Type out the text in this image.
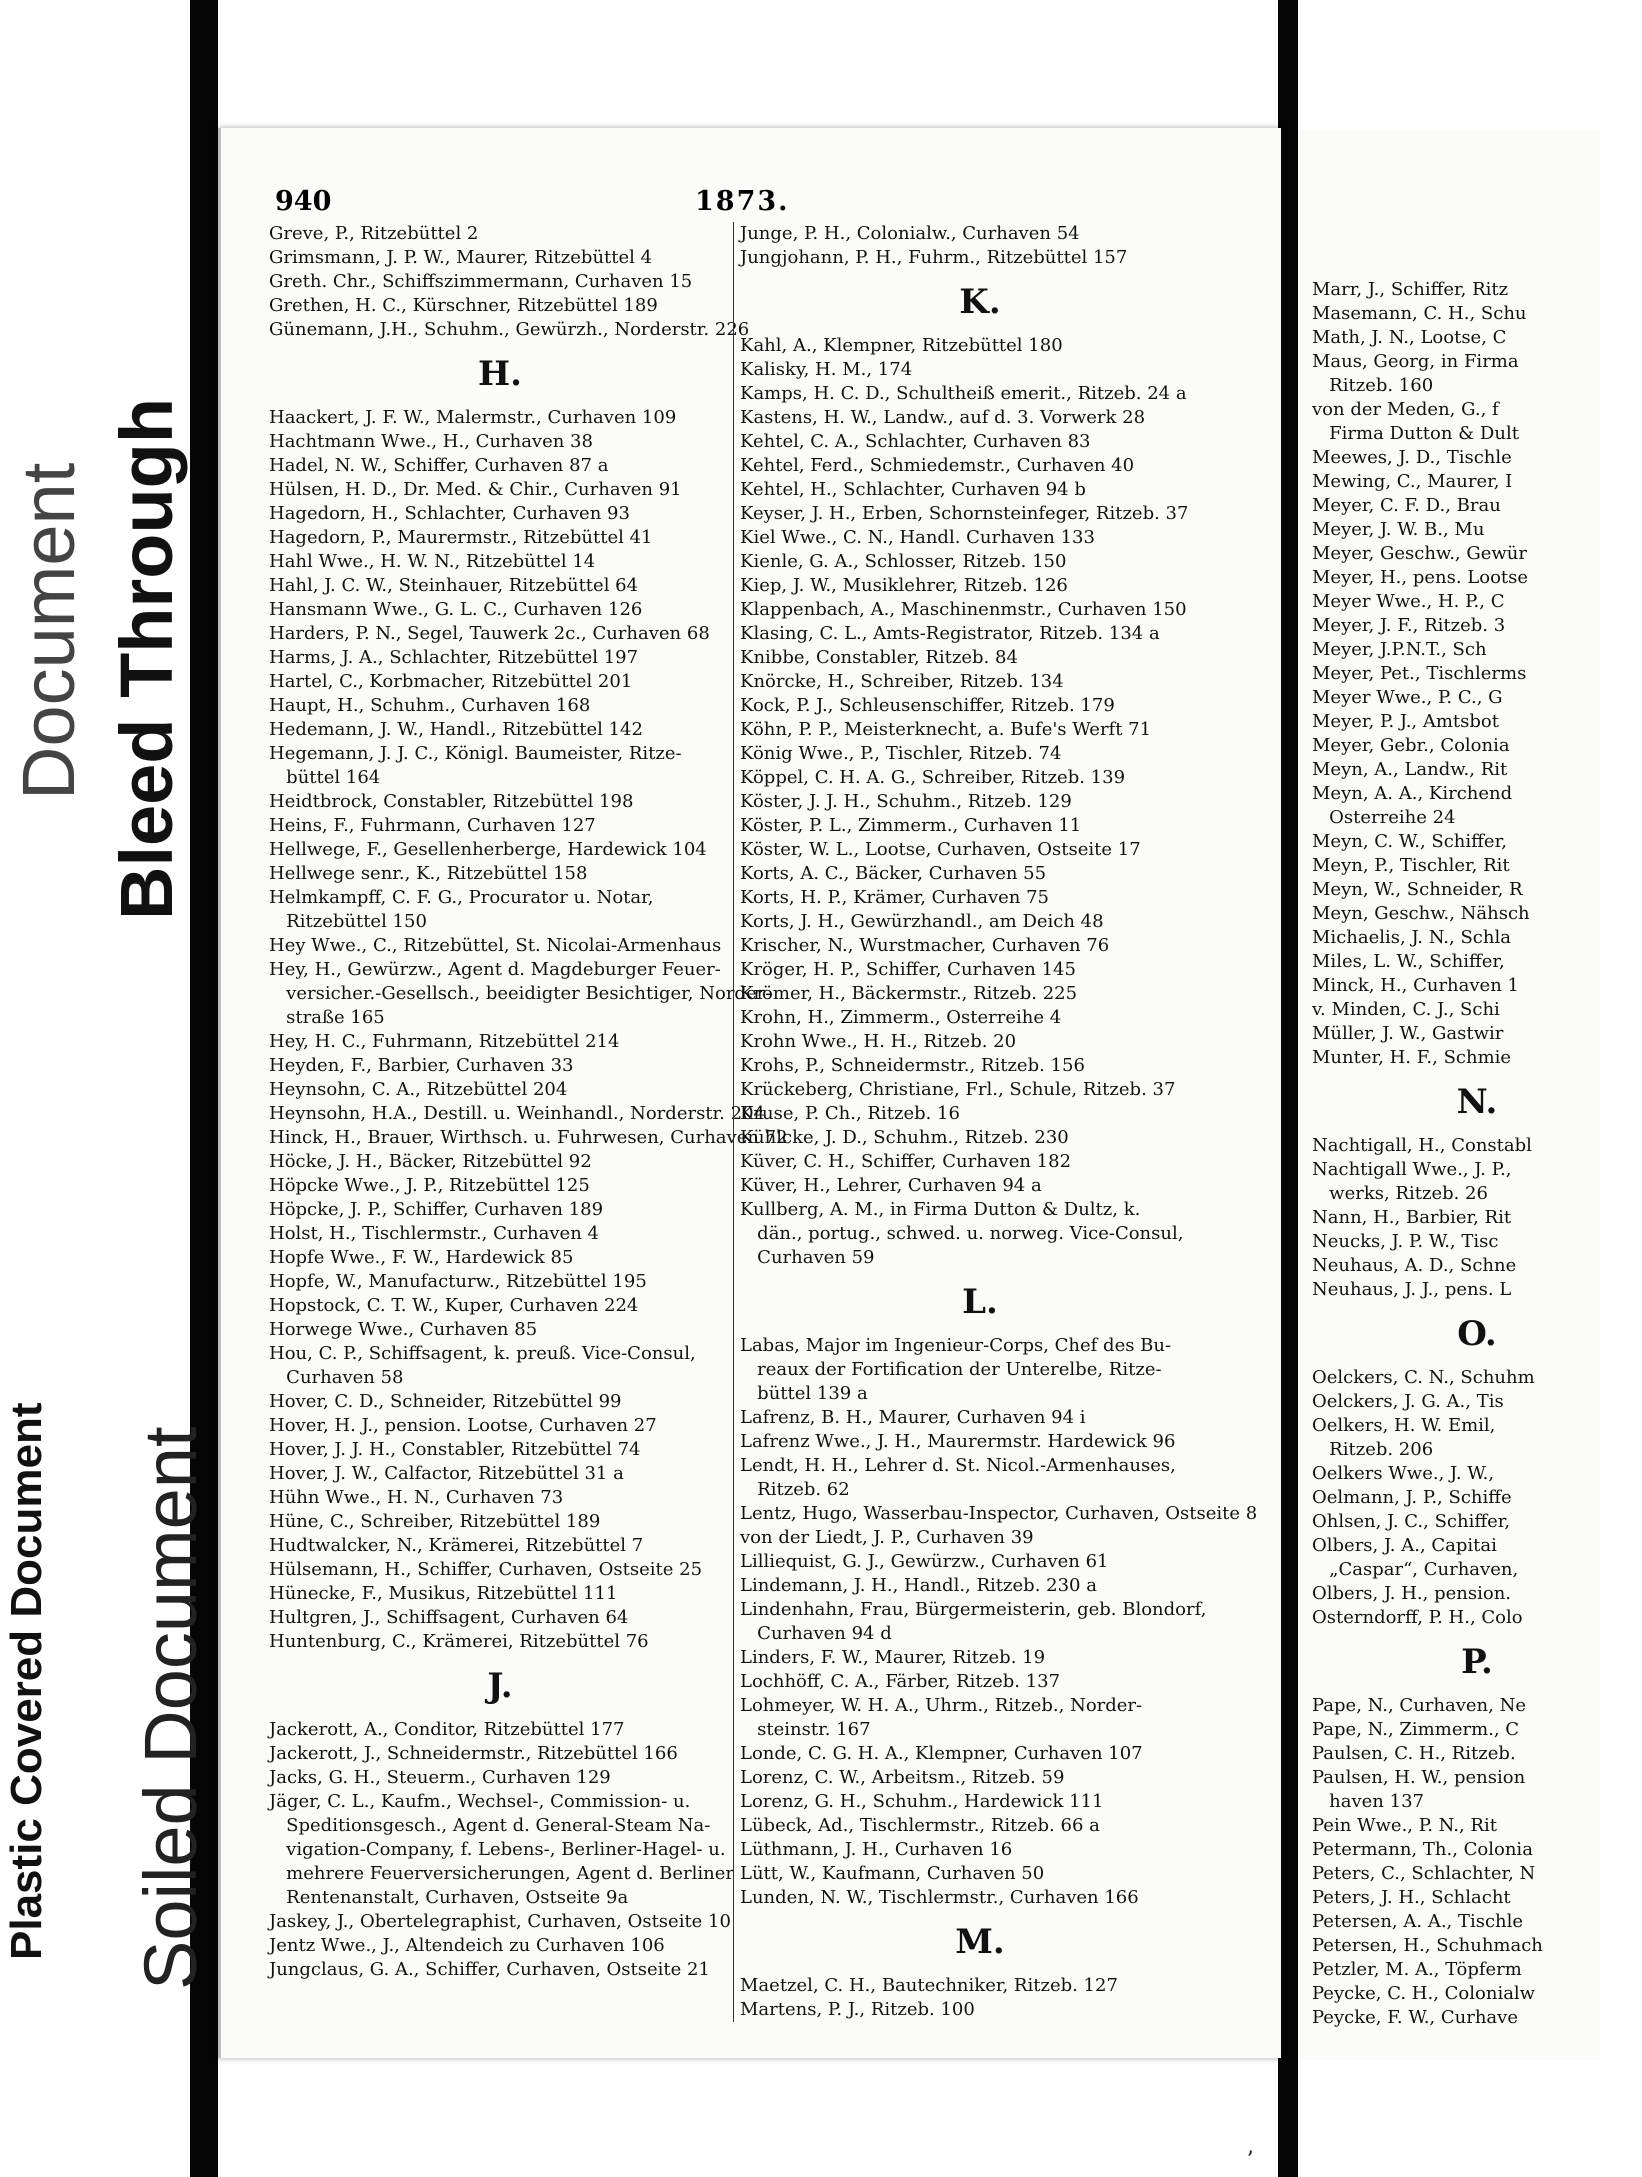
Document Bleed Through
Plastic Covered Document Soiled Document
940	1873.
Greve, P., Ritzebüttel 2
Grimsmann, J. P. W., Maurer, Ritzebüttel 4
Greth. Chr., Schiffszimmermann, Curhaven 15
Grethen, H. C., Kürschner, Ritzebüttel 189
Günemann, J.H., Schuhm., Gewürzh., Norderstr. 226
H.
Haackert, J. F. W., Malermstr., Curhaven 109
Hachtmann Wwe., H., Curhaven 38
Hadel, N. W., Schiffer, Curhaven 87 a
Hülsen, H. D., Dr. Med. & Chir., Curhaven 91
Hagedorn, H., Schlachter, Curhaven 93
Hagedorn, P., Maurermstr., Ritzebüttel 41
Hahl Wwe., H. W. N., Ritzebüttel 14
Hahl, J. C. W., Steinhauer, Ritzebüttel 64
Hansmann Wwe., G. L. C., Curhaven 126
Harders, P. N., Segel, Tauwerk 2c., Curhaven 68
Harms, J. A., Schlachter, Ritzebüttel 197
Hartel, C., Korbmacher, Ritzebüttel 201
Haupt, H., Schuhm., Curhaven 168
Hedemann, J. W., Handl., Ritzebüttel 142
Hegemann, J. J. C., Königl. Baumeister, Ritze-
büttel 164
Heidtbrock, Constabler, Ritzebüttel 198
Heins, F., Fuhrmann, Curhaven 127
Hellwege, F., Gesellenherberge, Hardewick 104
Hellwege senr., K., Ritzebüttel 158
Helmkampff, C. F. G., Procurator u. Notar,
Ritzebüttel 150
Hey Wwe., C., Ritzebüttel, St. Nicolai-Armenhaus
Hey, H., Gewürzw., Agent d. Magdeburger Feuer-
versicher.-Gesellsch., beeidigter Besichtiger, Norder-
straße 165
Hey, H. C., Fuhrmann, Ritzebüttel 214
Heyden, F., Barbier, Curhaven 33
Heynsohn, C. A., Ritzebüttel 204
Heynsohn, H.A., Destill. u. Weinhandl., Norderstr. 204
Hinck, H., Brauer, Wirthsch. u. Fuhrwesen, Curhaven 72
Höcke, J. H., Bäcker, Ritzebüttel 92
Höpcke Wwe., J. P., Ritzebüttel 125
Höpcke, J. P., Schiffer, Curhaven 189
Holst, H., Tischlermstr., Curhaven 4
Hopfe Wwe., F. W., Hardewick 85
Hopfe, W., Manufacturw., Ritzebüttel 195
Hopstock, C. T. W., Kuper, Curhaven 224
Horwege Wwe., Curhaven 85
Hou, C. P., Schiffsagent, k. preuß. Vice-Consul,
Curhaven 58
Hover, C. D., Schneider, Ritzebüttel 99
Hover, H. J., pension. Lootse, Curhaven 27
Hover, J. J. H., Constabler, Ritzebüttel 74
Hover, J. W., Calfactor, Ritzebüttel 31 a
Hühn Wwe., H. N., Curhaven 73
Hüne, C., Schreiber, Ritzebüttel 189
Hudtwalcker, N., Krämerei, Ritzebüttel 7
Hülsemann, H., Schiffer, Curhaven, Ostseite 25
Hünecke, F., Musikus, Ritzebüttel 111
Hultgren, J., Schiffsagent, Curhaven 64
Huntenburg, C., Krämerei, Ritzebüttel 76
J.
Jackerott, A., Conditor, Ritzebüttel 177
Jackerott, J., Schneidermstr., Ritzebüttel 166
Jacks, G. H., Steuerm., Curhaven 129
Jäger, C. L., Kaufm., Wechsel-, Commission- u.
Speditionsgesch., Agent d. General-Steam Na-
vigation-Company, f. Lebens-, Berliner-Hagel- u.
mehrere Feuerversicherungen, Agent d. Berliner
Rentenanstalt, Curhaven, Ostseite 9a
Jaskey, J., Obertelegraphist, Curhaven, Ostseite 10
Jentz Wwe., J., Altendeich zu Curhaven 106
Jungclaus, G. A., Schiffer, Curhaven, Ostseite 21
Junge, P. H., Colonialw., Curhaven 54
Jungjohann, P. H., Fuhrm., Ritzebüttel 157
K.
Kahl, A., Klempner, Ritzebüttel 180
Kalisky, H. M., 174
Kamps, H. C. D., Schultheiß emerit., Ritzeb. 24 a
Kastens, H. W., Landw., auf d. 3. Vorwerk 28
Kehtel, C. A., Schlachter, Curhaven 83
Kehtel, Ferd., Schmiedemstr., Curhaven 40
Kehtel, H., Schlachter, Curhaven 94 b
Keyser, J. H., Erben, Schornsteinfeger, Ritzeb. 37
Kiel Wwe., C. N., Handl. Curhaven 133
Kienle, G. A., Schlosser, Ritzeb. 150
Kiep, J. W., Musiklehrer, Ritzeb. 126
Klappenbach, A., Maschinenmstr., Curhaven 150
Klasing, C. L., Amts-Registrator, Ritzeb. 134 a
Knibbe, Constabler, Ritzeb. 84
Knörcke, H., Schreiber, Ritzeb. 134
Kock, P. J., Schleusenschiffer, Ritzeb. 179
Köhn, P. P., Meisterknecht, a. Bufe's Werft 71
König Wwe., P., Tischler, Ritzeb. 74
Köppel, C. H. A. G., Schreiber, Ritzeb. 139
Köster, J. J. H., Schuhm., Ritzeb. 129
Köster, P. L., Zimmerm., Curhaven 11
Köster, W. L., Lootse, Curhaven, Ostseite 17
Korts, A. C., Bäcker, Curhaven 55
Korts, H. P., Krämer, Curhaven 75
Korts, J. H., Gewürzhandl., am Deich 48
Krischer, N., Wurstmacher, Curhaven 76
Kröger, H. P., Schiffer, Curhaven 145
Krömer, H., Bäckermstr., Ritzeb. 225
Krohn, H., Zimmerm., Osterreihe 4
Krohn Wwe., H. H., Ritzeb. 20
Krohs, P., Schneidermstr., Ritzeb. 156
Krückeberg, Christiane, Frl., Schule, Ritzeb. 37
Kruse, P. Ch., Ritzeb. 16
Kühlcke, J. D., Schuhm., Ritzeb. 230
Küver, C. H., Schiffer, Curhaven 182
Küver, H., Lehrer, Curhaven 94 a
Kullberg, A. M., in Firma Dutton & Dultz, k.
dän., portug., schwed. u. norweg. Vice-Consul,
Curhaven 59
L.
Labas, Major im Ingenieur-Corps, Chef des Bu-
reaux der Fortification der Unterelbe, Ritze-
büttel 139 a
Lafrenz, B. H., Maurer, Curhaven 94 i
Lafrenz Wwe., J. H., Maurermstr. Hardewick 96
Lendt, H. H., Lehrer d. St. Nicol.-Armenhauses,
Ritzeb. 62
Lentz, Hugo, Wasserbau-Inspector, Curhaven, Ostseite 8
von der Liedt, J. P., Curhaven 39
Lilliequist, G. J., Gewürzw., Curhaven 61
Lindemann, J. H., Handl., Ritzeb. 230 a
Lindenhahn, Frau, Bürgermeisterin, geb. Blondorf,
Curhaven 94 d
Linders, F. W., Maurer, Ritzeb. 19
Lochhöff, C. A., Färber, Ritzeb. 137
Lohmeyer, W. H. A., Uhrm., Ritzeb., Norder-
steinstr. 167
Londe, C. G. H. A., Klempner, Curhaven 107
Lorenz, C. W., Arbeitsm., Ritzeb. 59
Lorenz, G. H., Schuhm., Hardewick 111
Lübeck, Ad., Tischlermstr., Ritzeb. 66 a
Lüthmann, J. H., Curhaven 16
Lütt, W., Kaufmann, Curhaven 50
Lunden, N. W., Tischlermstr., Curhaven 166
M.
Maetzel, C. H., Bautechniker, Ritzeb. 127
Martens, P. J., Ritzeb. 100
ʼ
Marr, J., Schiffer, Ritz
Masemann, C. H., Schu
Math, J. N., Lootse, C
Maus, Georg, in Firma
Ritzeb. 160
von der Meden, G., f
Firma Dutton & Dult
Meewes, J. D., Tischle
Mewing, C., Maurer, I
Meyer, C. F. D., Brau
Meyer, J. W. B., Mu
Meyer, Geschw., Gewür
Meyer, H., pens. Lootse
Meyer Wwe., H. P., C
Meyer, J. F., Ritzeb. 3
Meyer, J.P.N.T., Sch
Meyer, Pet., Tischlerms
Meyer Wwe., P. C., G
Meyer, P. J., Amtsbot
Meyer, Gebr., Colonia
Meyn, A., Landw., Rit
Meyn, A. A., Kirchend
Osterreihe 24
Meyn, C. W., Schiffer,
Meyn, P., Tischler, Rit
Meyn, W., Schneider, R
Meyn, Geschw., Nähsch
Michaelis, J. N., Schla
Miles, L. W., Schiffer,
Minck, H., Curhaven 1
v. Minden, C. J., Schi
Müller, J. W., Gastwir
Munter, H. F., Schmie
N.
Nachtigall, H., Constabl
Nachtigall Wwe., J. P.,
werks, Ritzeb. 26
Nann, H., Barbier, Rit
Neucks, J. P. W., Tisc
Neuhaus, A. D., Schne
Neuhaus, J. J., pens. L
O.
Oelckers, C. N., Schuhm
Oelckers, J. G. A., Tis
Oelkers, H. W. Emil,
Ritzeb. 206
Oelkers Wwe., J. W.,
Oelmann, J. P., Schiffe
Ohlsen, J. C., Schiffer,
Olbers, J. A., Capitai
„Caspar“, Curhaven,
Olbers, J. H., pension.
Osterndorff, P. H., Colo
P.
Pape, N., Curhaven, Ne
Pape, N., Zimmerm., C
Paulsen, C. H., Ritzeb.
Paulsen, H. W., pension
haven 137
Pein Wwe., P. N., Rit
Petermann, Th., Colonia
Peters, C., Schlachter, N
Peters, J. H., Schlacht
Petersen, A. A., Tischle
Petersen, H., Schuhmach
Petzler, M. A., Töpferm
Peycke, C. H., Colonialw
Peycke, F. W., Curhave
